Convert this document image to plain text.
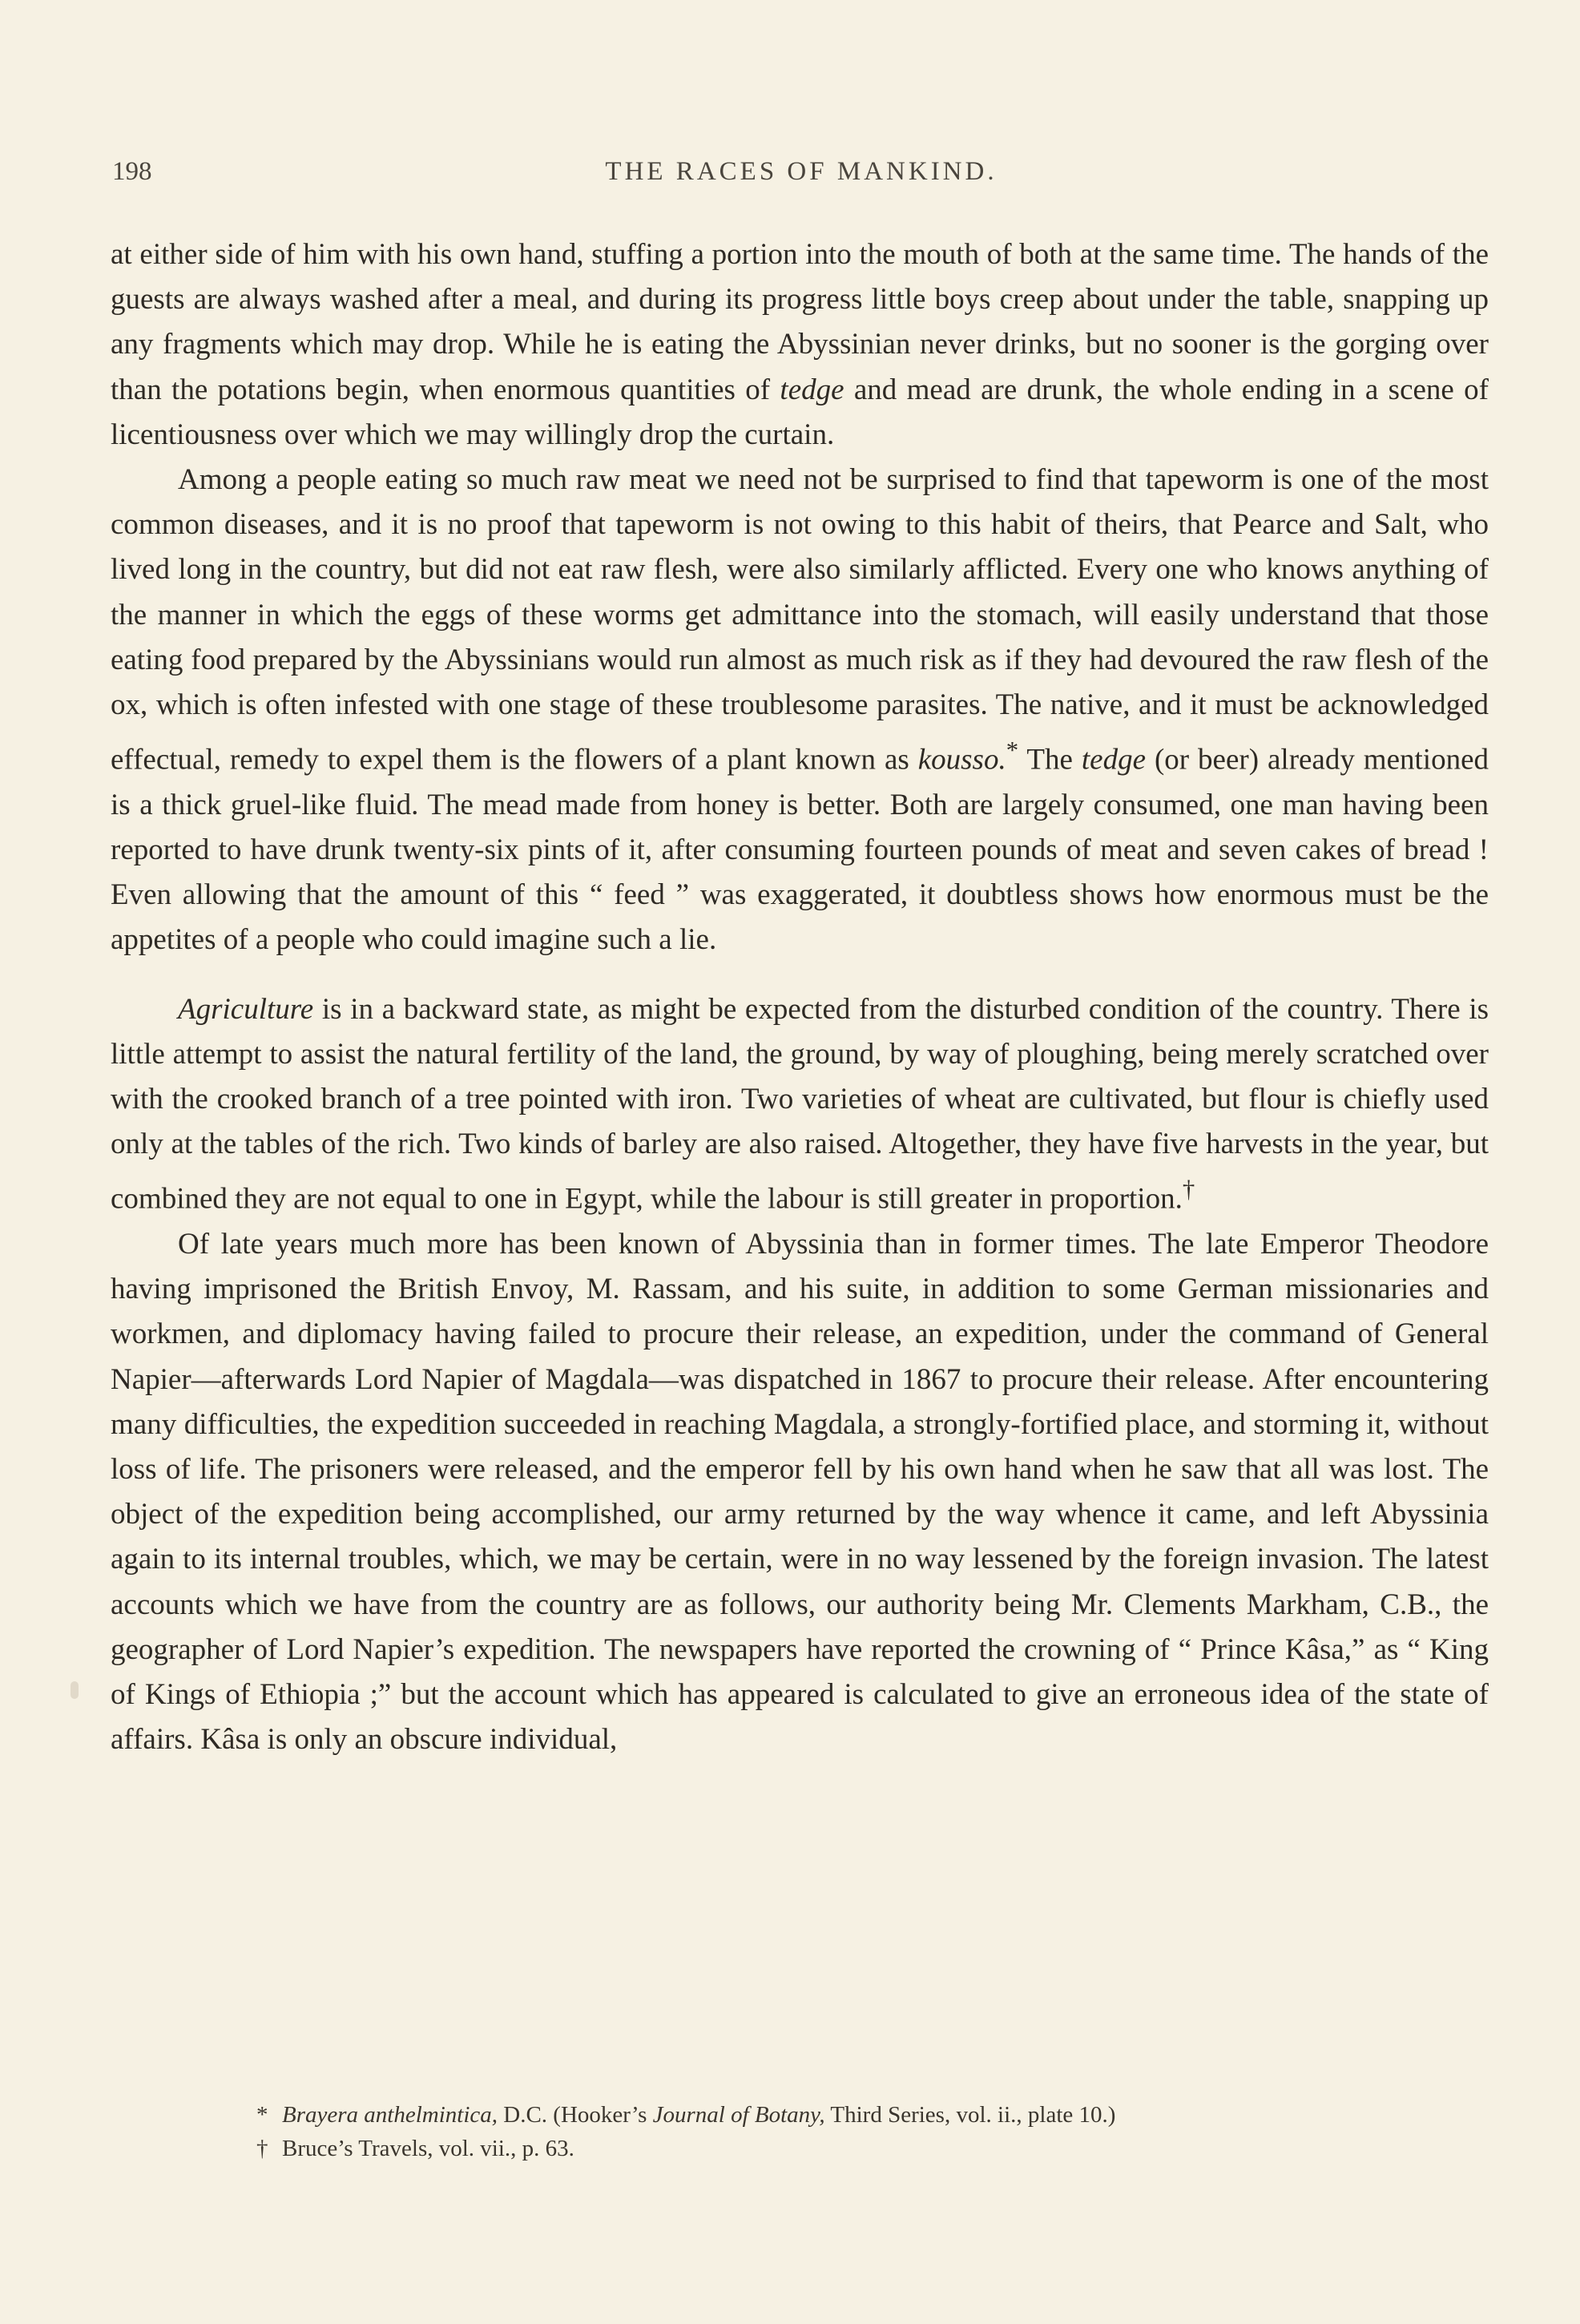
198	THE RACES OF MANKIND.

at either side of him with his own hand, stuffing a portion into the mouth of both at the same time. The hands of the guests are always washed after a meal, and during its progress little boys creep about under the table, snapping up any fragments which may drop. While he is eating the Abyssinian never drinks, but no sooner is the gorging over than the potations begin, when enormous quantities of tedge and mead are drunk, the whole ending in a scene of licentiousness over which we may willingly drop the curtain.

Among a people eating so much raw meat we need not be surprised to find that tapeworm is one of the most common diseases, and it is no proof that tapeworm is not owing to this habit of theirs, that Pearce and Salt, who lived long in the country, but did not eat raw flesh, were also similarly afflicted. Every one who knows anything of the manner in which the eggs of these worms get admittance into the stomach, will easily understand that those eating food prepared by the Abyssinians would run almost as much risk as if they had devoured the raw flesh of the ox, which is often infested with one stage of these troublesome parasites. The native, and it must be acknowledged effectual, remedy to expel them is the flowers of a plant known as kousso.* The tedge (or beer) already mentioned is a thick gruel-like fluid. The mead made from honey is better. Both are largely consumed, one man having been reported to have drunk twenty-six pints of it, after consuming fourteen pounds of meat and seven cakes of bread ! Even allowing that the amount of this “ feed ” was exaggerated, it doubtless shows how enormous must be the appetites of a people who could imagine such a lie.

Agriculture is in a backward state, as might be expected from the disturbed condition of the country. There is little attempt to assist the natural fertility of the land, the ground, by way of ploughing, being merely scratched over with the crooked branch of a tree pointed with iron. Two varieties of wheat are cultivated, but flour is chiefly used only at the tables of the rich. Two kinds of barley are also raised. Altogether, they have five harvests in the year, but combined they are not equal to one in Egypt, while the labour is still greater in proportion.†

Of late years much more has been known of Abyssinia than in former times. The late Emperor Theodore having imprisoned the British Envoy, M. Rassam, and his suite, in addition to some German missionaries and workmen, and diplomacy having failed to procure their release, an expedition, under the command of General Napier—afterwards Lord Napier of Magdala—was dispatched in 1867 to procure their release. After encountering many difficulties, the expedition succeeded in reaching Magdala, a strongly-fortified place, and storming it, without loss of life. The prisoners were released, and the emperor fell by his own hand when he saw that all was lost. The object of the expedition being accomplished, our army returned by the way whence it came, and left Abyssinia again to its internal troubles, which, we may be certain, were in no way lessened by the foreign invasion. The latest accounts which we have from the country are as follows, our authority being Mr. Clements Markham, C.B., the geographer of Lord Napier’s expedition. The newspapers have reported the crowning of “ Prince Kâsa,” as “ King of Kings of Ethiopia ;” but the account which has appeared is calculated to give an erroneous idea of the state of affairs. Kâsa is only an obscure individual,

* Brayera anthelmintica, D.C. (Hooker’s Journal of Botany, Third Series, vol. ii., plate 10.)

† Bruce’s Travels, vol. vii., p. 63.
